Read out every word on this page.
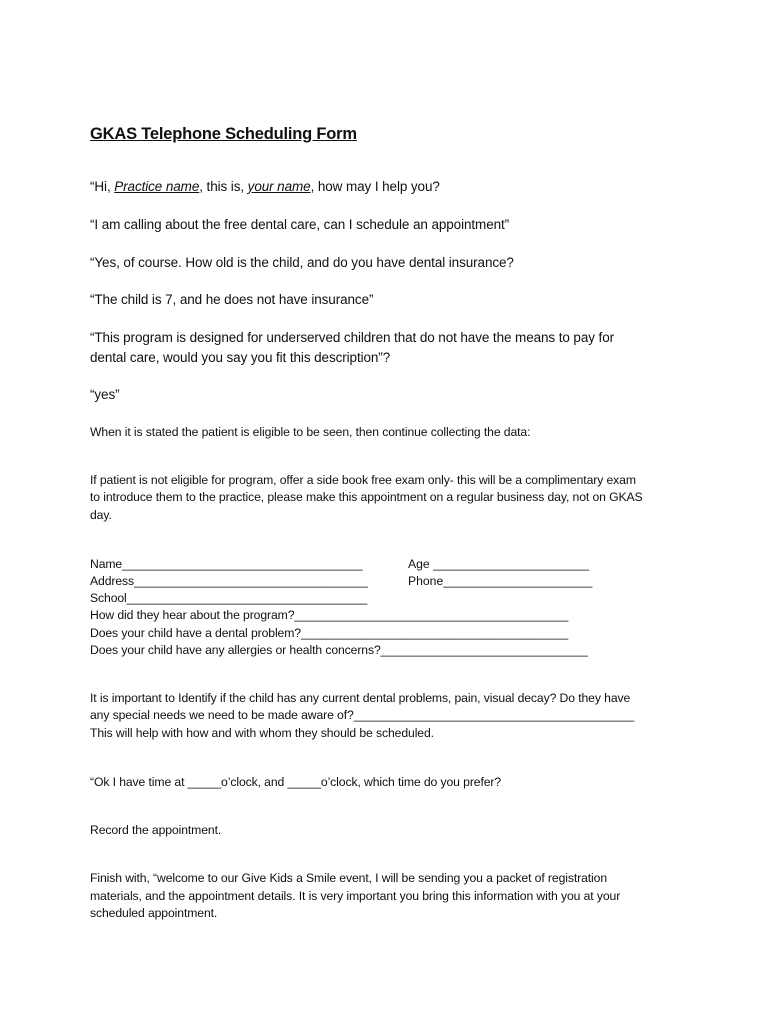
GKAS Telephone Scheduling Form
“Hi, Practice name, this is, your name, how may I help you?
“I am calling about the free dental care, can I schedule an appointment”
“Yes, of course. How old is the child, and do you have dental insurance?
“The child is 7, and he does not have insurance”
“This program is designed for underserved children that do not have the means to pay for
dental care, would you say you fit this description”?
“yes”
When it is stated the patient is eligible to be seen, then continue collecting the data:
If patient is not eligible for program, offer a side book free exam only- this will be a complimentary exam
to introduce them to the practice, please make this appointment on a regular business day, not on GKAS
day.
Name____________________________________	Age _______________________
Address___________________________________	Phone______________________
School____________________________________
How did they hear about the program?_________________________________________
Does your child have a dental problem?________________________________________
Does your child have any allergies or health concerns?_______________________________
It is important to Identify if the child has any current dental problems, pain, visual decay? Do they have
any special needs we need to be made aware of?__________________________________________
This will help with how and with whom they should be scheduled.
“Ok I have time at _____o’clock, and _____o’clock, which time do you prefer?
Record the appointment.
Finish with, “welcome to our Give Kids a Smile event, I will be sending you a packet of registration
materials, and the appointment details. It is very important you bring this information with you at your
scheduled appointment.
